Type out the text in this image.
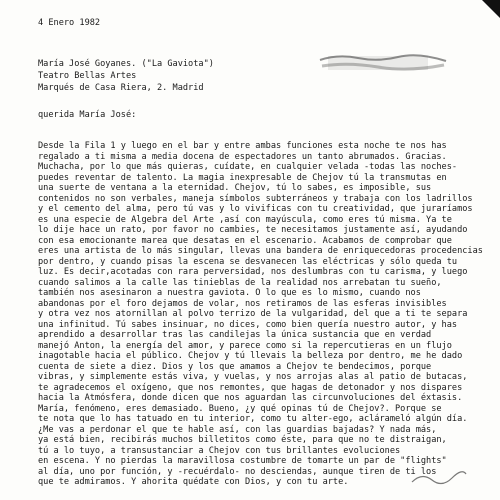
4 Enero 1982
María José Goyanes. ("La Gaviota")
Teatro Bellas Artes
Marqués de Casa Riera, 2. Madrid
querida María José:
Desde la Fila 1 y luego en el bar y entre ambas funciones esta noche te nos has
regalado a ti misma a media docena de espectadores un tanto abrumados. Gracias.
Muchacha, por lo que más quieras, cuídate, en cualquier velada -todas las noches-
puedes reventar de talento. La magia inexpresable de Chejov tú la transmutas en
una suerte de ventana a la eternidad. Chejov, tú lo sabes, es imposible, sus
contenidos no son verbales, maneja símbolos subterráneos y trabaja con los ladrillos
y el cemento del alma, pero tú vas y lo vivificas con tu creatividad, que juraríamos
es una especie de Algebra del Arte ,así con mayúscula, como eres tú misma. Ya te
lo dije hace un rato, por favor no cambies, te necesitamos justamente así, ayudando
con esa emocionante marea que desatas en el escenario. Acabamos de comprobar que
eres una artista de lo más singular, llevas una bandera de enriquecedoras procedencias
por dentro, y cuando pisas la escena se desvanecen las eléctricas y sólo queda tu
luz. Es decir,acotadas con rara perversidad, nos deslumbras con tu carisma, y luego
cuando salimos a la calle las tinieblas de la realidad nos arrebatan tu sueño,
también nos asesinaron a nuestra gaviota. O lo que es lo mismo, cuando nos
abandonas por el foro dejamos de volar, nos retiramos de las esferas invisibles
y otra vez nos atornillan al polvo terrizo de la vulgaridad, del que a ti te separa
una infinitud. Tú sabes insinuar, no dices, como bien quería nuestro autor, y has
aprendido a desarrollar tras las candilejas la única sustancia que en verdad
manejó Anton, la energía del amor, y parece como si la repercutieras en un flujo
inagotable hacia el público. Chejov y tú llevais la belleza por dentro, me he dado
cuenta de siete a diez. Dios y los que amamos a Chejov te bendecimos, porque
vibras, y simplemente estás viva, y vuelas, y nos arrojas alas al patio de butacas,
te agradecemos el oxígeno, que nos remontes, que hagas de detonador y nos dispares
hacia la Atmósfera, donde dicen que nos aguardan las circunvoluciones del éxtasis.
María, fenómeno, eres demasiado. Bueno, ¿y qué opinas tú de Chejov?. Porque se
te nota que lo has tatuado en tu interior, como tu alter-ego, aclárameló algún día.
¿Me vas a perdonar el que te hable así, con las guardias bajadas? Y nada más,
ya está bien, recibirás muchos billetitos como éste, para que no te distraigan,
tú a lo tuyo, a transustanciar a Chejov con tus brillantes evoluciones
en escena. Y no pierdas la maravillosa costumbre de tomarte un par de "flights"
al día, uno por función, y -recuérdalo- no desciendas, aunque tiren de ti los
que te admiramos. Y ahorita quédate con Dios, y con tu arte.
